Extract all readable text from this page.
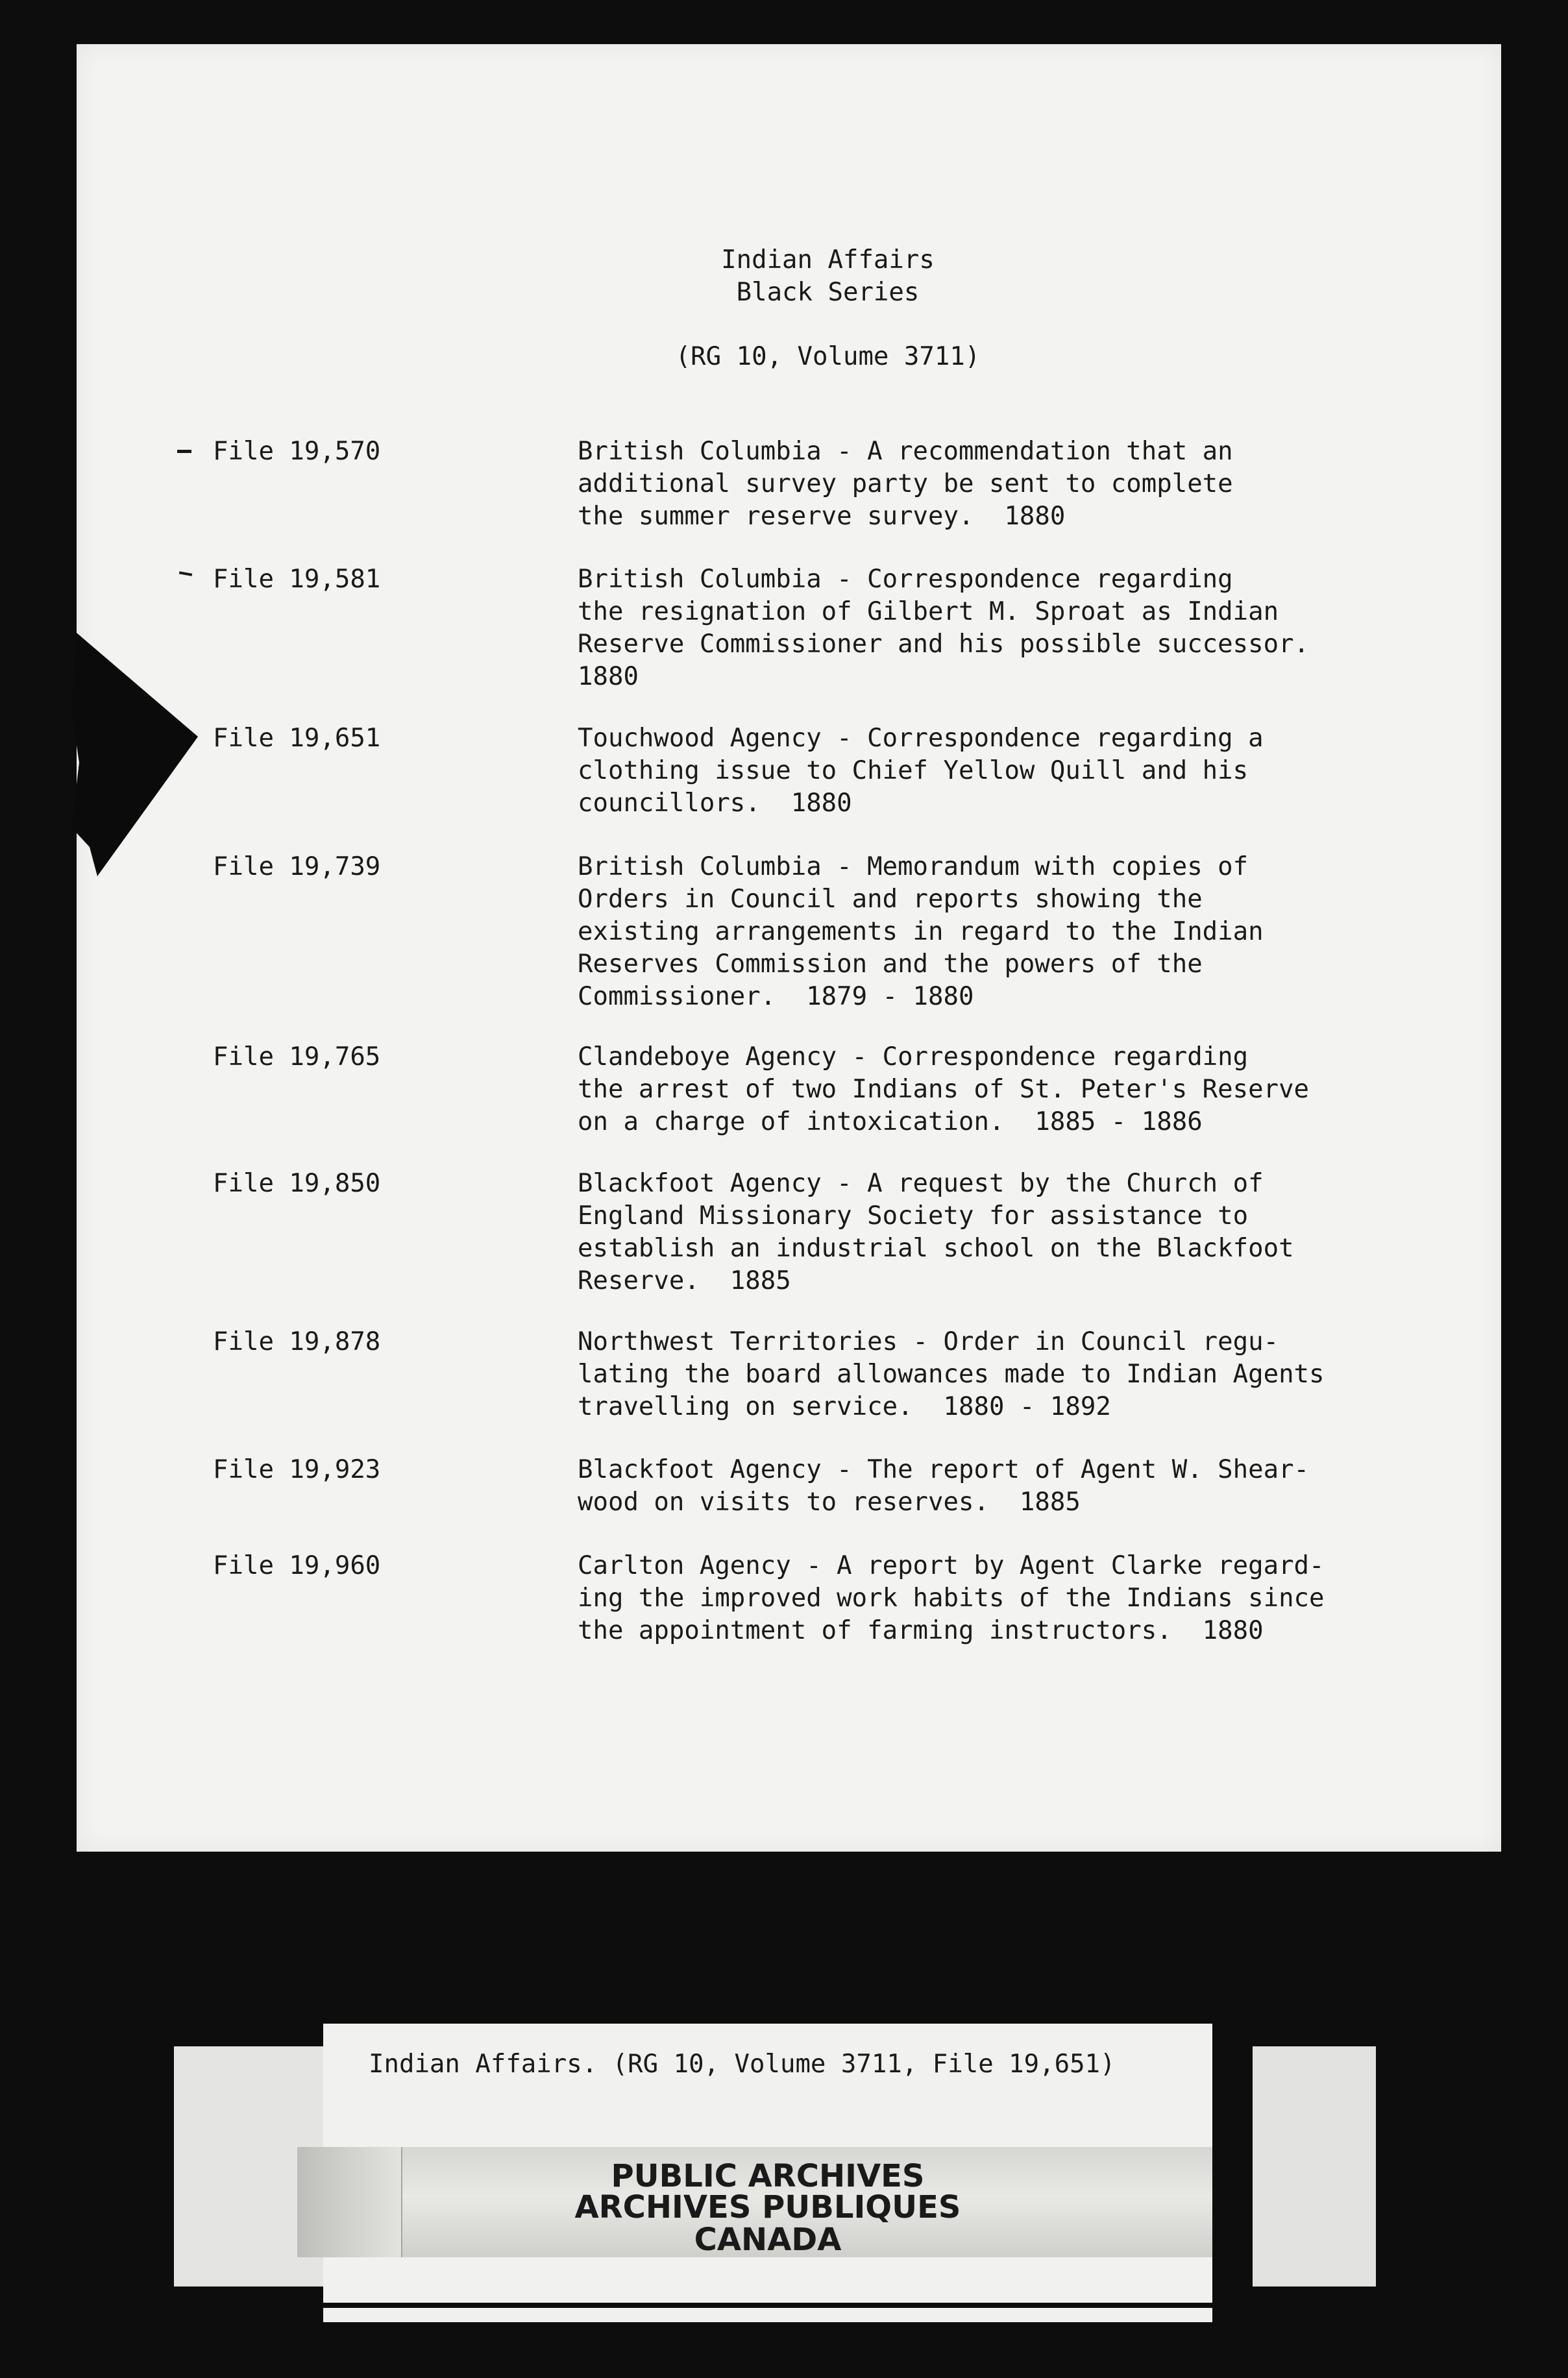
Indian Affairs
Black Series
(RG 10, Volume 3711)
File 19,570	British Columbia - A recommendation that an
additional survey party be sent to complete
the summer reserve survey.  1880
File 19,581	British Columbia - Correspondence regarding
the resignation of Gilbert M. Sproat as Indian
Reserve Commissioner and his possible successor.
1880
File 19,651	Touchwood Agency - Correspondence regarding a
clothing issue to Chief Yellow Quill and his
councillors.  1880
File 19,739	British Columbia - Memorandum with copies of
Orders in Council and reports showing the
existing arrangements in regard to the Indian
Reserves Commission and the powers of the
Commissioner.  1879 - 1880
File 19,765	Clandeboye Agency - Correspondence regarding
the arrest of two Indians of St. Peter's Reserve
on a charge of intoxication.  1885 - 1886
File 19,850	Blackfoot Agency - A request by the Church of
England Missionary Society for assistance to
establish an industrial school on the Blackfoot
Reserve.  1885
File 19,878	Northwest Territories - Order in Council regu-
lating the board allowances made to Indian Agents
travelling on service.  1880 - 1892
File 19,923	Blackfoot Agency - The report of Agent W. Shear-
wood on visits to reserves.  1885
File 19,960	Carlton Agency - A report by Agent Clarke regard-
ing the improved work habits of the Indians since
the appointment of farming instructors.  1880
Indian Affairs. (RG 10, Volume 3711, File 19,651)
PUBLIC ARCHIVES
ARCHIVES PUBLIQUES
CANADA
